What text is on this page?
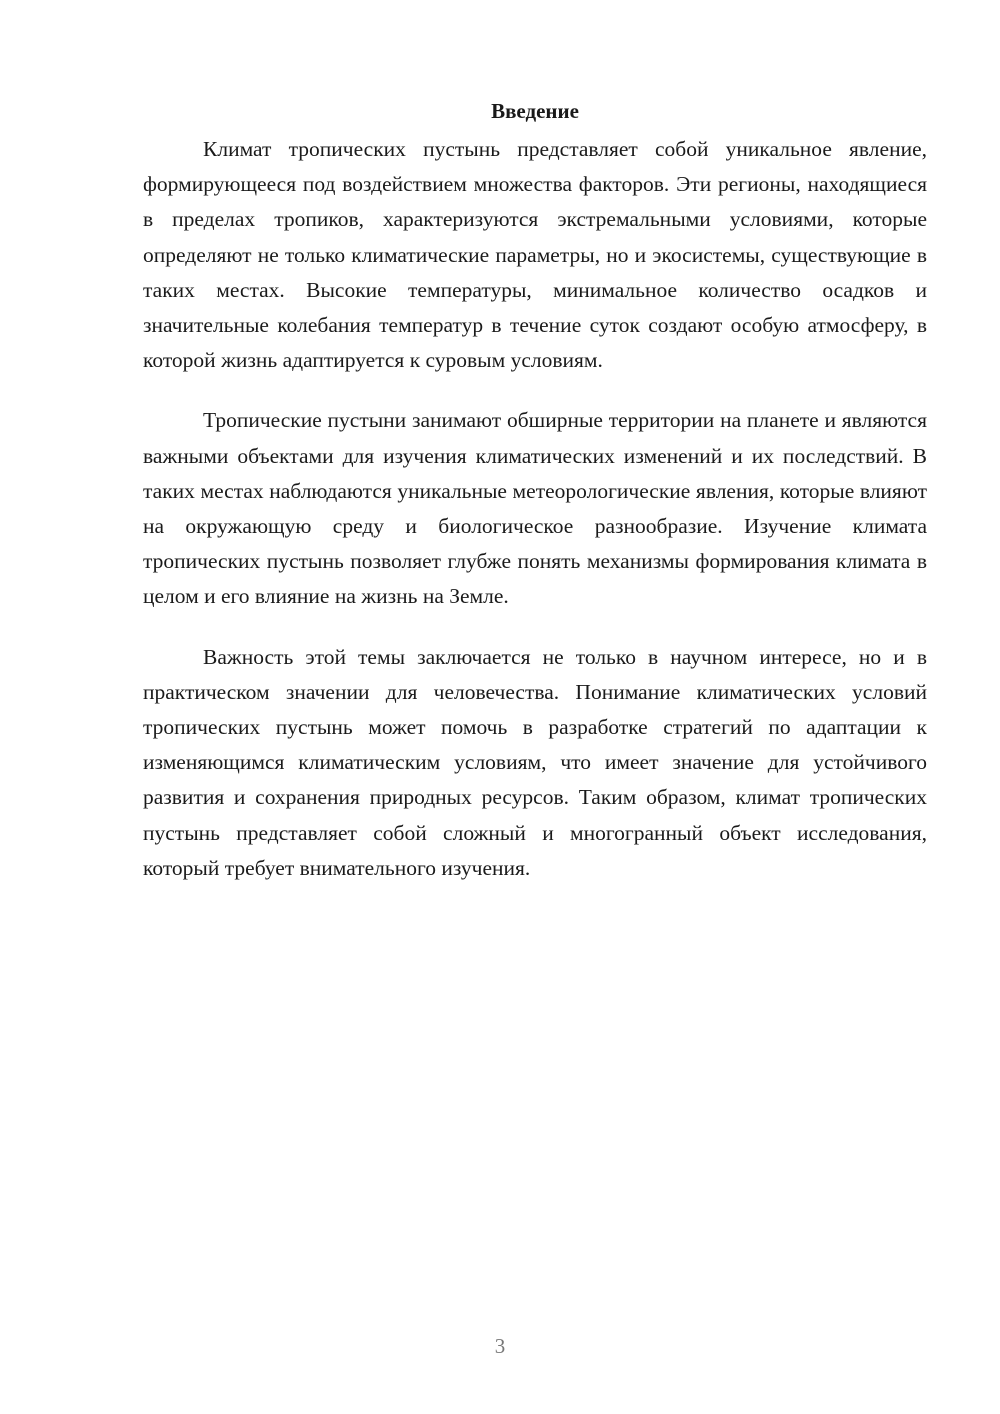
Введение

Климат тропических пустынь представляет собой уникальное явление, формирующееся под воздействием множества факторов. Эти регионы, находящиеся в пределах тропиков, характеризуются экстремальными условиями, которые определяют не только климатические параметры, но и экосистемы, существующие в таких местах. Высокие температуры, минимальное количество осадков и значительные колебания температур в течение суток создают особую атмосферу, в которой жизнь адаптируется к суровым условиям.

Тропические пустыни занимают обширные территории на планете и являются важными объектами для изучения климатических изменений и их последствий. В таких местах наблюдаются уникальные метеорологические явления, которые влияют на окружающую среду и биологическое разнообразие. Изучение климата тропических пустынь позволяет глубже понять механизмы формирования климата в целом и его влияние на жизнь на Земле.

Важность этой темы заключается не только в научном интересе, но и в практическом значении для человечества. Понимание климатических условий тропических пустынь может помочь в разработке стратегий по адаптации к изменяющимся климатическим условиям, что имеет значение для устойчивого развития и сохранения природных ресурсов. Таким образом, климат тропических пустынь представляет собой сложный и многогранный объект исследования, который требует внимательного изучения.

3
